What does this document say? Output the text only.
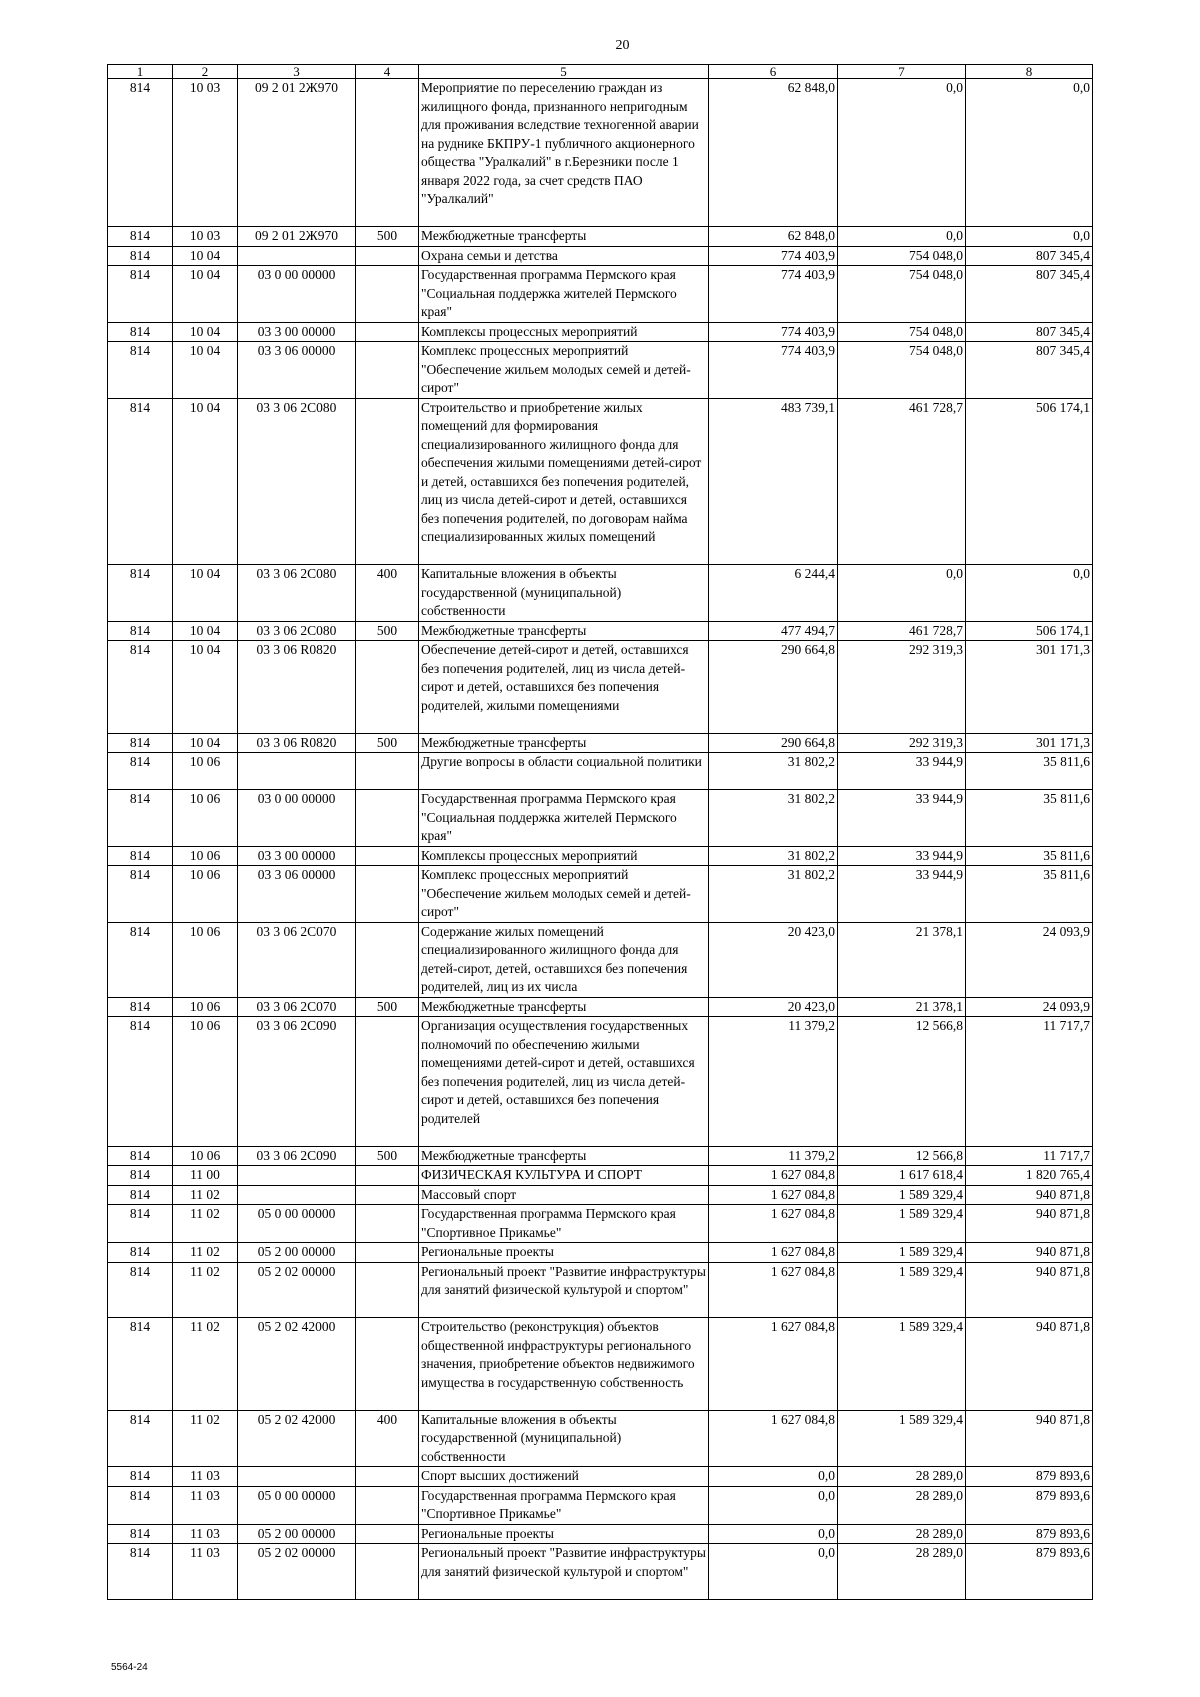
20
1	2	3	4	5	6	7	8
814	10 03	09 2 01 2Ж970		Мероприятие по переселению граждан из жилищного фонда, признанного непригодным для проживания вследствие техногенной аварии на руднике БКПРУ-1 публичного акционерного общества "Уралкалий" в г.Березники после 1 января 2022 года, за счет средств ПАО "Уралкалий"	62 848,0	0,0	0,0
814	10 03	09 2 01 2Ж970	500	Межбюджетные трансферты	62 848,0	0,0	0,0
814	10 04			Охрана семьи и детства	774 403,9	754 048,0	807 345,4
814	10 04	03 0 00 00000		Государственная программа Пермского края "Социальная поддержка жителей Пермского края"	774 403,9	754 048,0	807 345,4
814	10 04	03 3 00 00000		Комплексы процессных мероприятий	774 403,9	754 048,0	807 345,4
814	10 04	03 3 06 00000		Комплекс процессных мероприятий "Обеспечение жильем молодых семей и детей-сирот"	774 403,9	754 048,0	807 345,4
814	10 04	03 3 06 2С080		Строительство и приобретение жилых помещений для формирования специализированного жилищного фонда для обеспечения жилыми помещениями детей-сирот и детей, оставшихся без попечения родителей, лиц из числа детей-сирот и детей, оставшихся без попечения родителей, по договорам найма специализированных жилых помещений	483 739,1	461 728,7	506 174,1
814	10 04	03 3 06 2С080	400	Капитальные вложения в объекты государственной (муниципальной) собственности	6 244,4	0,0	0,0
814	10 04	03 3 06 2С080	500	Межбюджетные трансферты	477 494,7	461 728,7	506 174,1
814	10 04	03 3 06 R0820		Обеспечение детей-сирот и детей, оставшихся без попечения родителей, лиц из числа детей-сирот и детей, оставшихся без попечения родителей, жилыми помещениями	290 664,8	292 319,3	301 171,3
814	10 04	03 3 06 R0820	500	Межбюджетные трансферты	290 664,8	292 319,3	301 171,3
814	10 06			Другие вопросы в области социальной политики	31 802,2	33 944,9	35 811,6
814	10 06	03 0 00 00000		Государственная программа Пермского края "Социальная поддержка жителей Пермского края"	31 802,2	33 944,9	35 811,6
814	10 06	03 3 00 00000		Комплексы процессных мероприятий	31 802,2	33 944,9	35 811,6
814	10 06	03 3 06 00000		Комплекс процессных мероприятий "Обеспечение жильем молодых семей и детей-сирот"	31 802,2	33 944,9	35 811,6
814	10 06	03 3 06 2С070		Содержание жилых помещений специализированного жилищного фонда для детей-сирот, детей, оставшихся без попечения родителей, лиц из их числа	20 423,0	21 378,1	24 093,9
814	10 06	03 3 06 2С070	500	Межбюджетные трансферты	20 423,0	21 378,1	24 093,9
814	10 06	03 3 06 2С090		Организация осуществления государственных полномочий по обеспечению жилыми помещениями детей-сирот и детей, оставшихся без попечения родителей, лиц из числа детей-сирот и детей, оставшихся без попечения родителей	11 379,2	12 566,8	11 717,7
814	10 06	03 3 06 2С090	500	Межбюджетные трансферты	11 379,2	12 566,8	11 717,7
814	11 00			ФИЗИЧЕСКАЯ КУЛЬТУРА И СПОРТ	1 627 084,8	1 617 618,4	1 820 765,4
814	11 02			Массовый спорт	1 627 084,8	1 589 329,4	940 871,8
814	11 02	05 0 00 00000		Государственная программа Пермского края "Спортивное Прикамье"	1 627 084,8	1 589 329,4	940 871,8
814	11 02	05 2 00 00000		Региональные проекты	1 627 084,8	1 589 329,4	940 871,8
814	11 02	05 2 02 00000		Региональный проект "Развитие инфраструктуры для занятий физической культурой и спортом"	1 627 084,8	1 589 329,4	940 871,8
814	11 02	05 2 02 42000		Строительство (реконструкция) объектов общественной инфраструктуры регионального значения, приобретение объектов недвижимого имущества в государственную собственность	1 627 084,8	1 589 329,4	940 871,8
814	11 02	05 2 02 42000	400	Капитальные вложения в объекты государственной (муниципальной) собственности	1 627 084,8	1 589 329,4	940 871,8
814	11 03			Спорт высших достижений	0,0	28 289,0	879 893,6
814	11 03	05 0 00 00000		Государственная программа Пермского края "Спортивное Прикамье"	0,0	28 289,0	879 893,6
814	11 03	05 2 00 00000		Региональные проекты	0,0	28 289,0	879 893,6
814	11 03	05 2 02 00000		Региональный проект "Развитие инфраструктуры для занятий физической культурой и спортом"	0,0	28 289,0	879 893,6
5564-24
